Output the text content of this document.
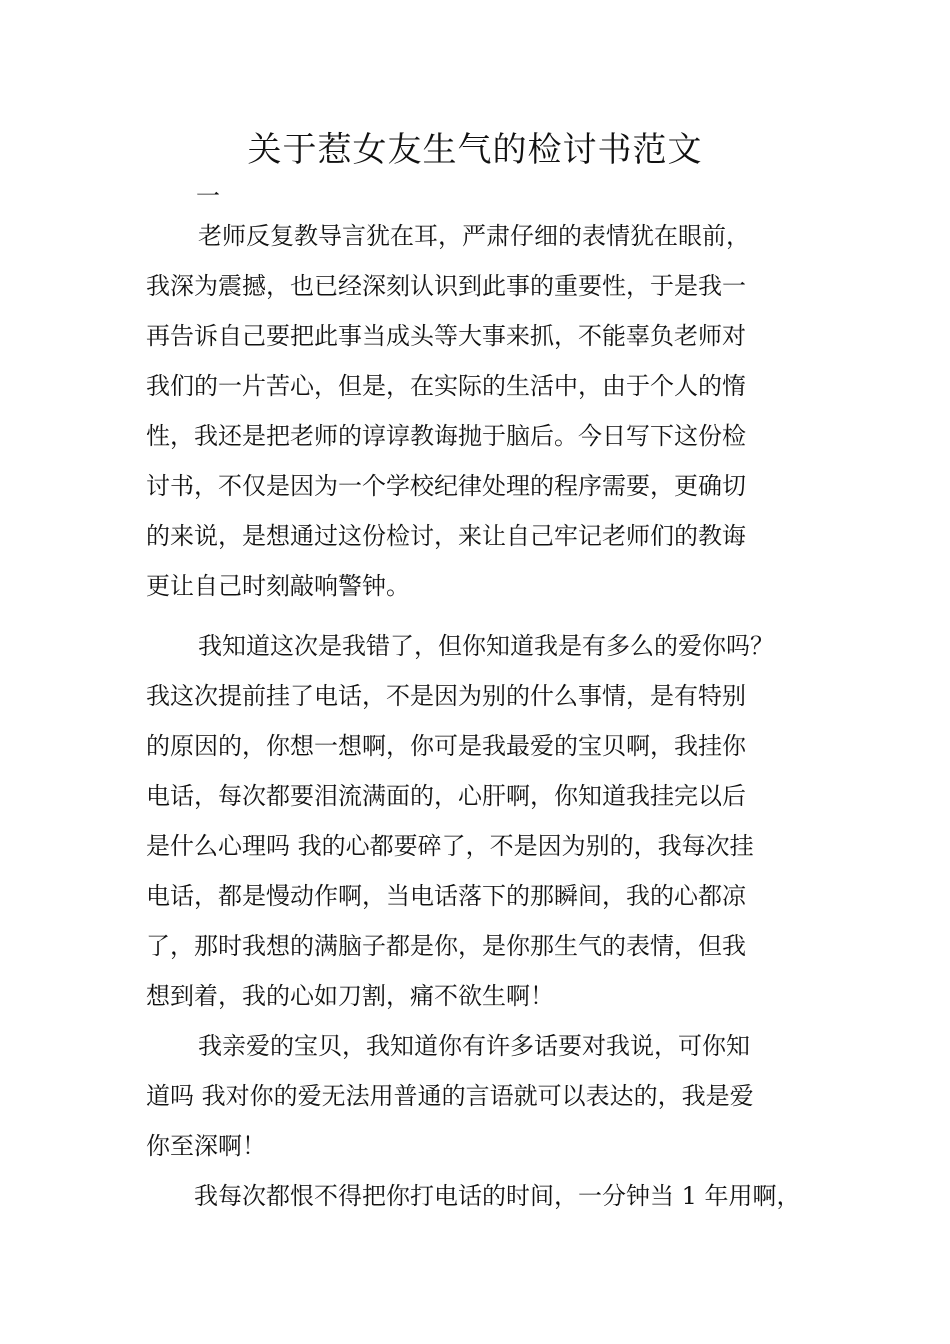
关于惹女友生气的检讨书范文
一

老师反复教导言犹在耳，严肃仔细的表情犹在眼前，
我深为震撼，也已经深刻认识到此事的重要性，于是我一
再告诉自己要把此事当成头等大事来抓，不能辜负老师对
我们的一片苦心，但是，在实际的生活中，由于个人的惰
性，我还是把老师的谆谆教诲抛于脑后。今日写下这份检
讨书，不仅是因为一个学校纪律处理的程序需要，更确切
的来说，是想通过这份检讨，来让自己牢记老师们的教诲
更让自己时刻敲响警钟。

我知道这次是我错了，但你知道我是有多么的爱你吗？
我这次提前挂了电话，不是因为别的什么事情，是有特别
的原因的，你想一想啊，你可是我最爱的宝贝啊，我挂你
电话，每次都要泪流满面的，心肝啊，你知道我挂完以后
是什么心理吗 我的心都要碎了，不是因为别的，我每次挂
电话，都是慢动作啊，当电话落下的那瞬间，我的心都凉
了，那时我想的满脑子都是你，是你那生气的表情，但我
想到着，我的心如刀割，痛不欲生啊！

我亲爱的宝贝，我知道你有许多话要对我说，可你知
道吗 我对你的爱无法用普通的言语就可以表达的，我是爱
你至深啊！

我每次都恨不得把你打电话的时间，一分钟当 1 年用啊，
